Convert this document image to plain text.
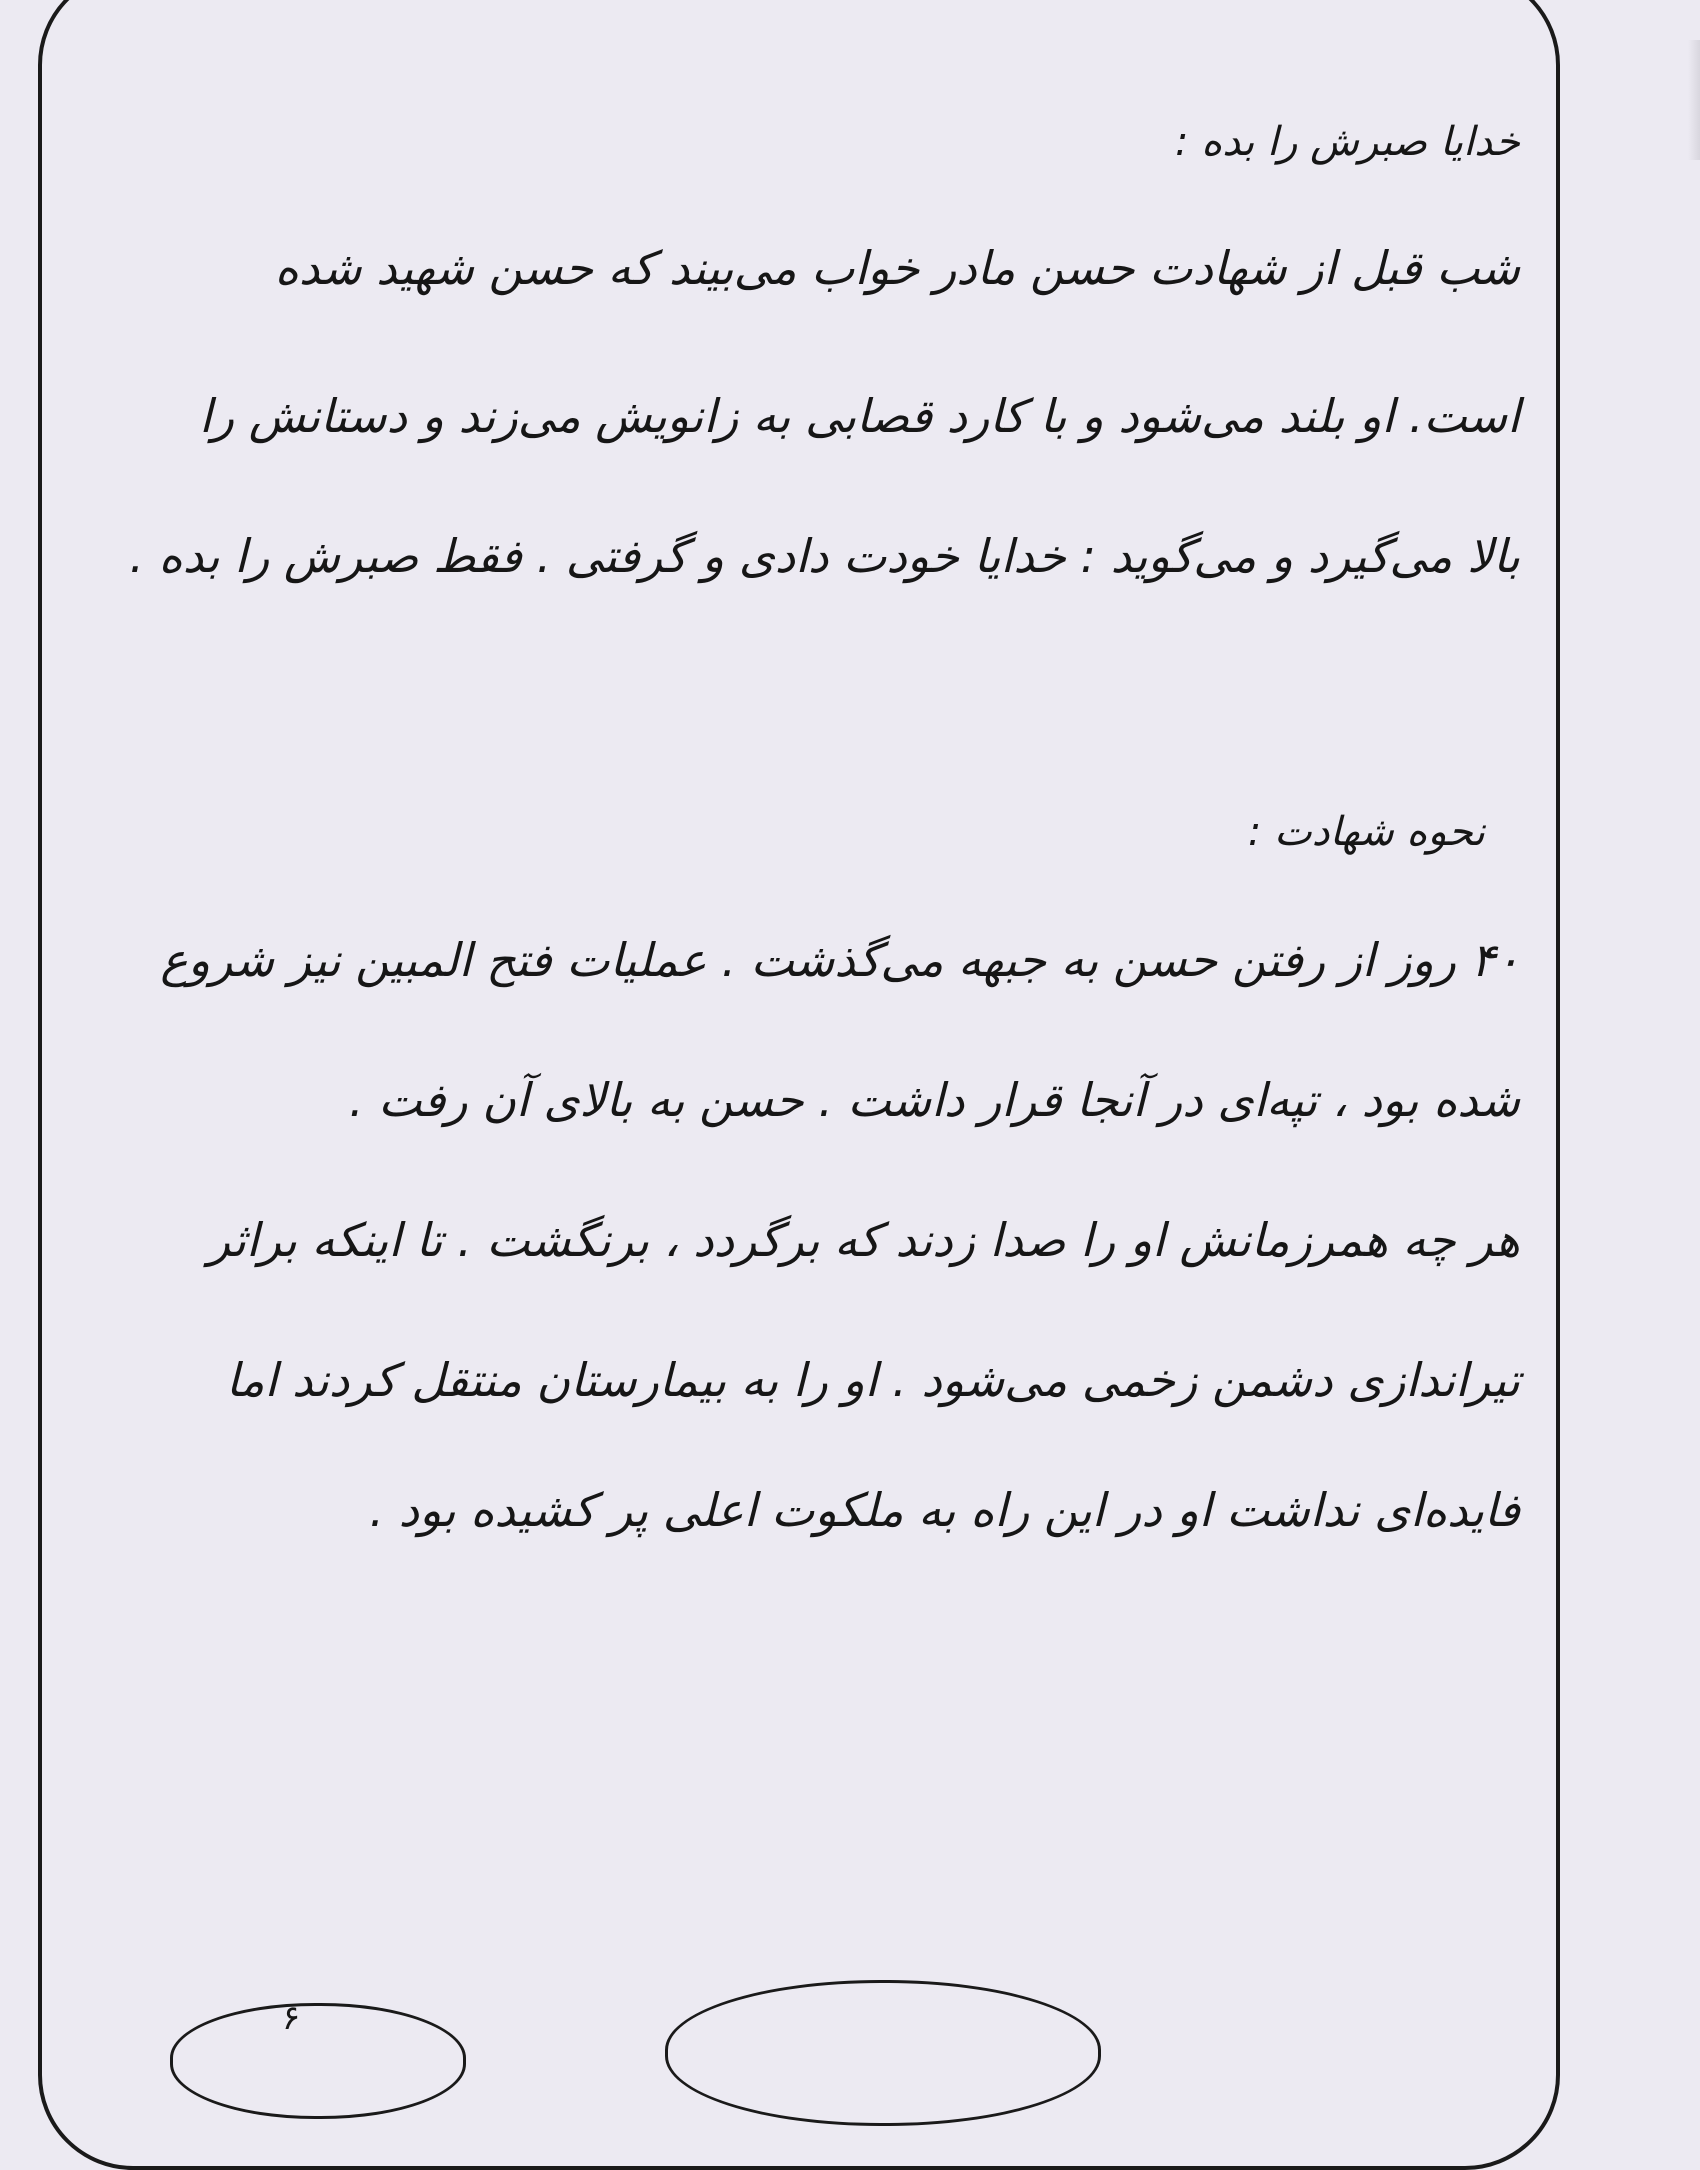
خدایا صبرش را بده :
شب قبل از شهادت حسن مادر خواب می‌بیند که حسن شهید شده
است. او بلند می‌شود و با کارد قصابی به زانویش می‌زند و دستانش را
بالا می‌گیرد و می‌گوید : خدایا خودت دادی و گرفتی . فقط صبرش را بده .
نحوه شهادت :
۴۰ روز از رفتن حسن به جبهه می‌گذشت . عملیات فتح المبین نیز شروع
شده بود ، تپه‌ای در آنجا قرار داشت . حسن به بالای آن رفت .
هر چه همرزمانش او را صدا زدند که برگردد ، برنگشت . تا اینکه براثر
تیراندازی دشمن زخمی می‌شود . او را به بیمارستان منتقل کردند اما
فایده‌ای نداشت او در این راه به ملکوت اعلی پر کشیده بود .
۶
